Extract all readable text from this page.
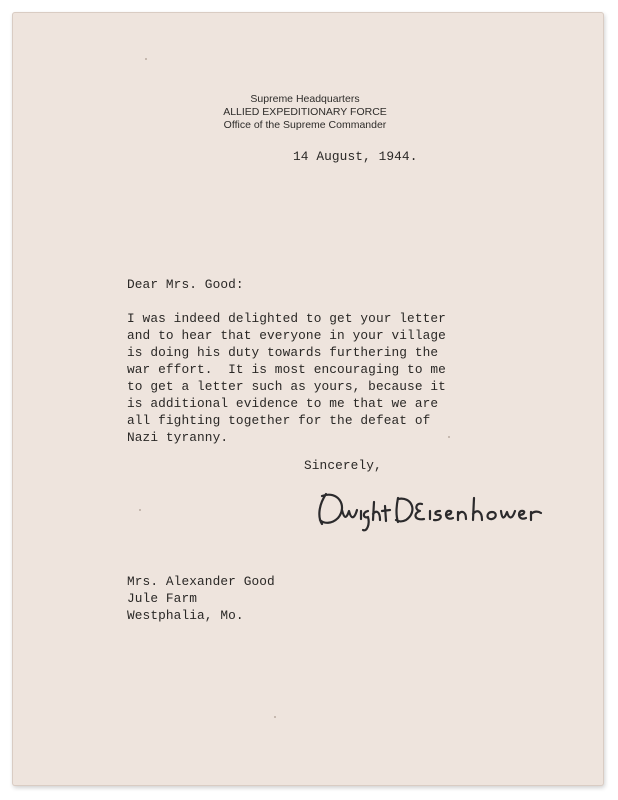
Supreme Headquarters
ALLIED EXPEDITIONARY FORCE
Office of the Supreme Commander
14 August, 1944.
Dear Mrs. Good:
I was indeed delighted to get your letter
and to hear that everyone in your village
is doing his duty towards furthering the
war effort.  It is most encouraging to me
to get a letter such as yours, because it
is additional evidence to me that we are
all fighting together for the defeat of
Nazi tyranny.
Sincerely,
Mrs. Alexander Good
Jule Farm
Westphalia, Mo.
